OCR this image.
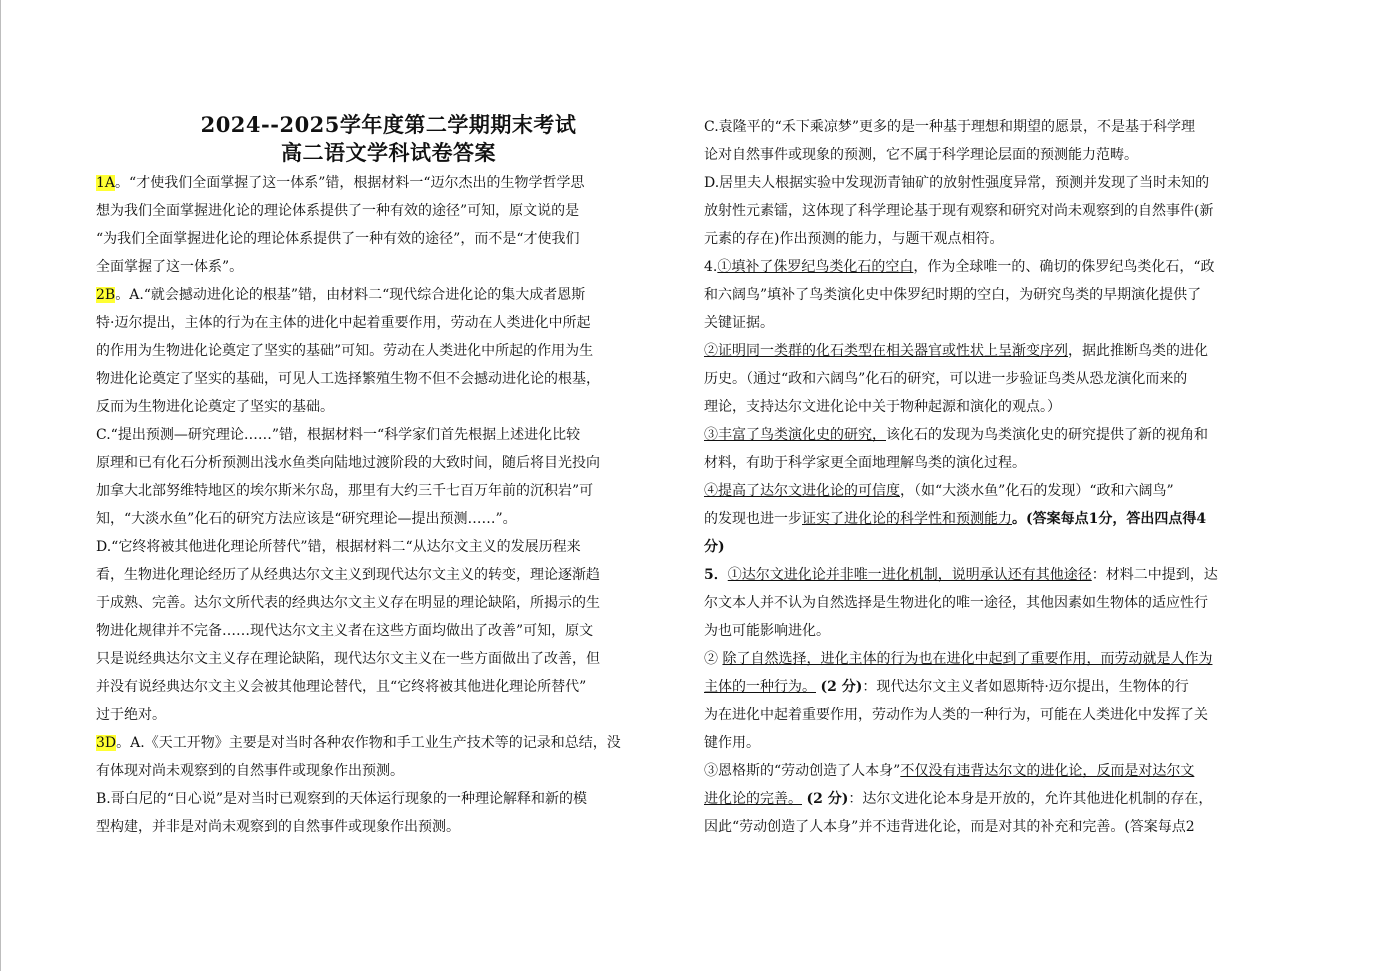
2024--2025学年度第二学期期末考试
高二语文学科试卷答案
1A。“才使我们全面掌握了这一体系”错，根据材料一“迈尔杰出的生物学哲学思
想为我们全面掌握进化论的理论体系提供了一种有效的途径”可知，原文说的是
“为我们全面掌握进化论的理论体系提供了一种有效的途径”，而不是“才使我们
全面掌握了这一体系”。
2B。A.“就会撼动进化论的根基”错，由材料二“现代综合进化论的集大成者恩斯
特·迈尔提出，主体的行为在主体的进化中起着重要作用，劳动在人类进化中所起
的作用为生物进化论奠定了坚实的基础”可知。劳动在人类进化中所起的作用为生
物进化论奠定了坚实的基础，可见人工选择繁殖生物不但不会撼动进化论的根基，
反而为生物进化论奠定了坚实的基础。
C.“提出预测—研究理论……”错，根据材料一“科学家们首先根据上述进化比较
原理和已有化石分析预测出浅水鱼类向陆地过渡阶段的大致时间，随后将目光投向
加拿大北部努维特地区的埃尔斯米尔岛，那里有大约三千七百万年前的沉积岩”可
知，“大淡水鱼”化石的研究方法应该是“研究理论—提出预测……”。
D.“它终将被其他进化理论所替代”错，根据材料二“从达尔文主义的发展历程来
看，生物进化理论经历了从经典达尔文主义到现代达尔文主义的转变，理论逐渐趋
于成熟、完善。达尔文所代表的经典达尔文主义存在明显的理论缺陷，所揭示的生
物进化规律并不完备……现代达尔文主义者在这些方面均做出了改善”可知，原文
只是说经典达尔文主义存在理论缺陷，现代达尔文主义在一些方面做出了改善，但
并没有说经典达尔文主义会被其他理论替代，且“它终将被其他进化理论所替代”
过于绝对。
3D。A.《天工开物》主要是对当时各种农作物和手工业生产技术等的记录和总结，没
有体现对尚未观察到的自然事件或现象作出预测。
B.哥白尼的“日心说”是对当时已观察到的天体运行现象的一种理论解释和新的模
型构建，并非是对尚未观察到的自然事件或现象作出预测。
C.袁隆平的“禾下乘凉梦”更多的是一种基于理想和期望的愿景，不是基于科学理
论对自然事件或现象的预测，它不属于科学理论层面的预测能力范畴。
D.居里夫人根据实验中发现沥青铀矿的放射性强度异常，预测并发现了当时未知的
放射性元素镭，这体现了科学理论基于现有观察和研究对尚未观察到的自然事件(新
元素的存在)作出预测的能力，与题干观点相符。
4.①填补了侏罗纪鸟类化石的空白，作为全球唯一的、确切的侏罗纪鸟类化石，“政
和六阔鸟”填补了鸟类演化史中侏罗纪时期的空白，为研究鸟类的早期演化提供了
关键证据。
②证明同一类群的化石类型在相关器官或性状上呈渐变序列，据此推断鸟类的进化
历史。（通过“政和六阔鸟”化石的研究，可以进一步验证鸟类从恐龙演化而来的
理论，支持达尔文进化论中关于物种起源和演化的观点。）
③丰富了鸟类演化史的研究，该化石的发现为鸟类演化史的研究提供了新的视角和
材料，有助于科学家更全面地理解鸟类的演化过程。
④提高了达尔文进化论的可信度，（如“大淡水鱼”化石的发现）“政和六阔鸟”
的发现也进一步证实了进化论的科学性和预测能力。(答案每点1分，答出四点得4
分)
5．①达尔文进化论并非唯一进化机制，说明承认还有其他途径：材料二中提到，达
尔文本人并不认为自然选择是生物进化的唯一途径，其他因素如生物体的适应性行
为也可能影响进化。
② 除了自然选择，进化主体的行为也在进化中起到了重要作用，而劳动就是人作为
主体的一种行为。 (2 分)：现代达尔文主义者如恩斯特·迈尔提出，生物体的行
为在进化中起着重要作用，劳动作为人类的一种行为，可能在人类进化中发挥了关
键作用。
③恩格斯的“劳动创造了人本身”不仅没有违背达尔文的进化论，反而是对达尔文
进化论的完善。 (2 分)：达尔文进化论本身是开放的，允许其他进化机制的存在，
因此“劳动创造了人本身”并不违背进化论，而是对其的补充和完善。(答案每点2
